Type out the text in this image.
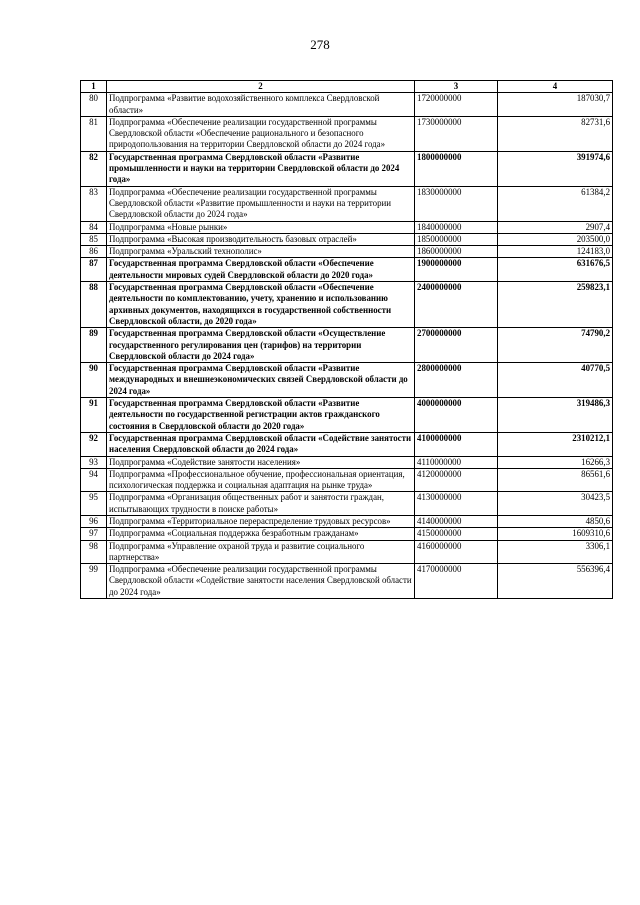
278
1	2	3	4
80	Подпрограмма «Развитие водохозяйственного комплекса Свердловской области»	1720000000	187030,7
81	Подпрограмма «Обеспечение реализации государственной программы Свердловской области «Обеспечение рационального и безопасного природопользования на территории Свердловской области до 2024 года»	1730000000	82731,6
82	Государственная программа Свердловской области «Развитие промышленности и науки на территории Свердловской области до 2024 года»	1800000000	391974,6
83	Подпрограмма «Обеспечение реализации государственной программы Свердловской области «Развитие промышленности и науки на территории Свердловской области до 2024 года»	1830000000	61384,2
84	Подпрограмма «Новые рынки»	1840000000	2907,4
85	Подпрограмма «Высокая производительность базовых отраслей»	1850000000	203500,0
86	Подпрограмма «Уральский технополис»	1860000000	124183,0
87	Государственная программа Свердловской области «Обеспечение деятельности мировых судей Свердловской области до 2020 года»	1900000000	631676,5
88	Государственная программа Свердловской области «Обеспечение деятельности по комплектованию, учету, хранению и использованию архивных документов, находящихся в государственной собственности Свердловской области, до 2020 года»	2400000000	259823,1
89	Государственная программа Свердловской области «Осуществление государственного регулирования цен (тарифов) на территории Свердловской области до 2024 года»	2700000000	74790,2
90	Государственная программа Свердловской области «Развитие международных и внешнеэкономических связей Свердловской области до 2024 года»	2800000000	40770,5
91	Государственная программа Свердловской области «Развитие деятельности по государственной регистрации актов гражданского состояния в Свердловской области до 2020 года»	4000000000	319486,3
92	Государственная программа Свердловской области «Содействие занятости населения Свердловской области до 2024 года»	4100000000	2310212,1
93	Подпрограмма «Содействие занятости населения»	4110000000	16266,3
94	Подпрограмма «Профессиональное обучение, профессиональная ориентация, психологическая поддержка и социальная адаптация на рынке труда»	4120000000	86561,6
95	Подпрограмма «Организация общественных работ и занятости граждан, испытывающих трудности в поиске работы»	4130000000	30423,5
96	Подпрограмма «Территориальное перераспределение трудовых ресурсов»	4140000000	4850,6
97	Подпрограмма «Социальная поддержка безработным гражданам»	4150000000	1609310,6
98	Подпрограмма «Управление охраной труда и развитие социального партнерства»	4160000000	3306,1
99	Подпрограмма «Обеспечение реализации государственной программы Свердловской области «Содействие занятости населения Свердловской области до 2024 года»	4170000000	556396,4
